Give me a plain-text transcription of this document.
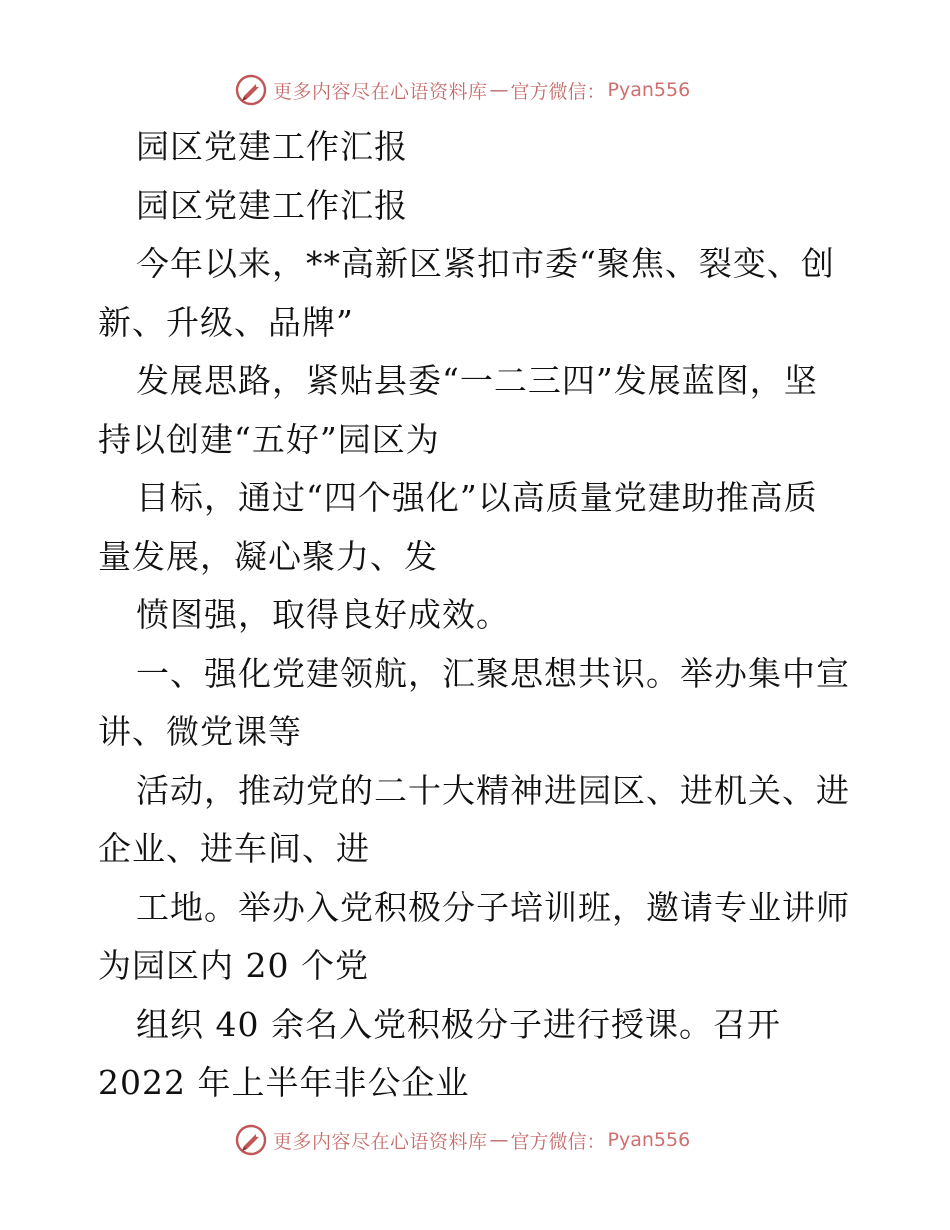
更多内容尽在心语资料库 — 官方微信： Pyan556
园区党建工作汇报
园区党建工作汇报
今年以来，**高新区紧扣市委“聚焦、裂变、创
新、升级、品牌”
发展思路，紧贴县委“一二三四”发展蓝图，坚
持以创建“五好”园区为
目标，通过“四个强化”以高质量党建助推高质
量发展，凝心聚力、发
愤图强，取得良好成效。
一、强化党建领航，汇聚思想共识。举办集中宣
讲、微党课等
活动，推动党的二十大精神进园区、进机关、进
企业、进车间、进
工地。举办入党积极分子培训班，邀请专业讲师
为园区内 20 个党
组织 40 余名入党积极分子进行授课。召开
2022 年上半年非公企业
更多内容尽在心语资料库 — 官方微信： Pyan556
